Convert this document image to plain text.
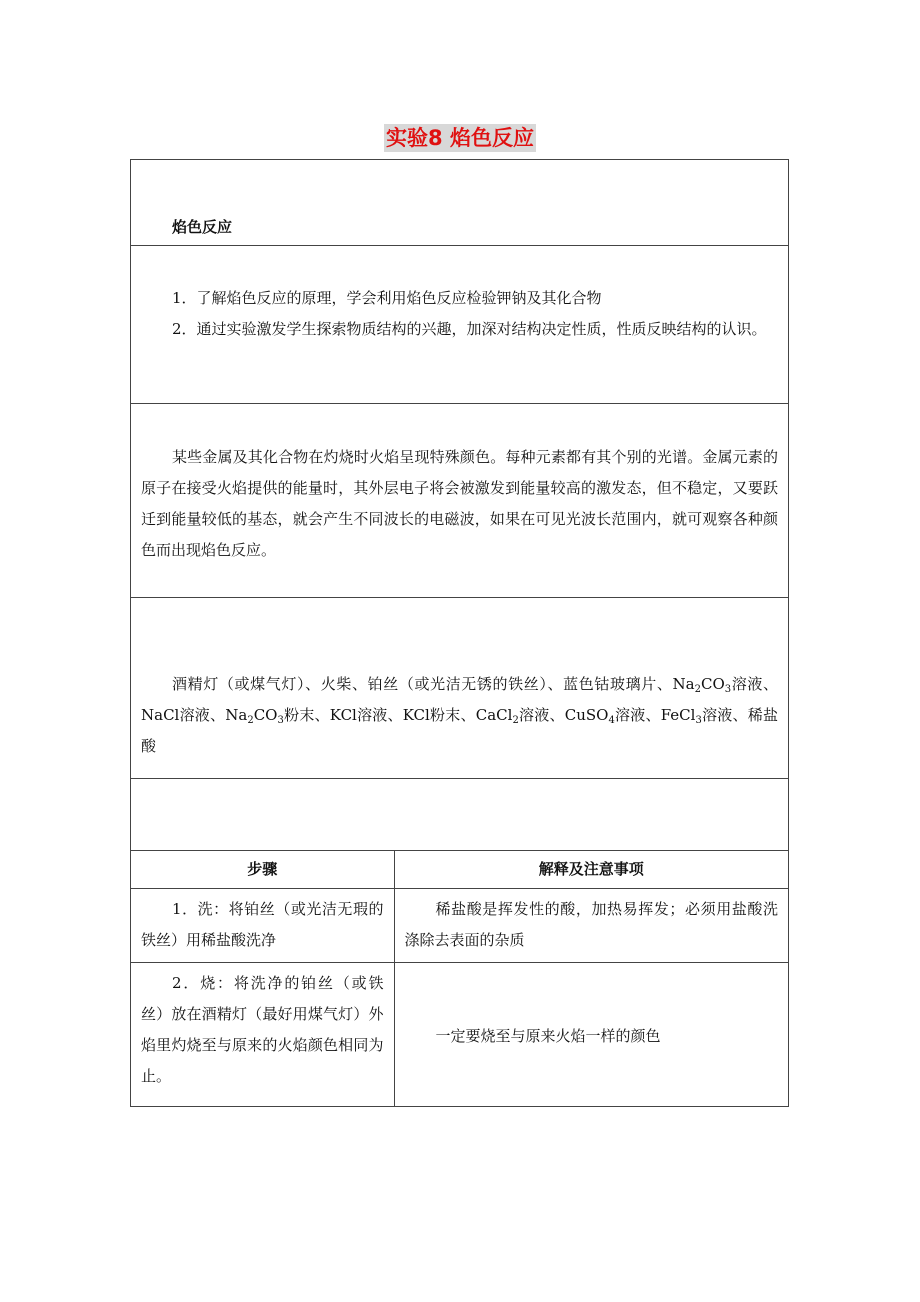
实验8 焰色反应

焰色反应

1．了解焰色反应的原理，学会利用焰色反应检验钾钠及其化合物

2．通过实验激发学生探索物质结构的兴趣，加深对结构决定性质，性质反映结构的认识。

某些金属及其化合物在灼烧时火焰呈现特殊颜色。每种元素都有其个别的光谱。金属元素的原子在接受火焰提供的能量时，其外层电子将会被激发到能量较高的激发态，但不稳定，又要跃迁到能量较低的基态，就会产生不同波长的电磁波，如果在可见光波长范围内，就可观察各种颜色而出现焰色反应。

酒精灯（或煤气灯）、火柴、铂丝（或光洁无锈的铁丝）、蓝色钴玻璃片、$Na_2CO_3$溶液、NaCl溶液、$Na_2CO_3$粉末、KCl溶液、KCl粉末、CaCl$_2$溶液、CuSO$_4$溶液、FeCl$_3$溶液、稀盐酸

步骤	解释及注意事项

1．洗：将铂丝（或光洁无瑕的铁丝）用稀盐酸洗净	稀盐酸是挥发性的酸，加热易挥发；必须用盐酸洗涤除去表面的杂质

2．烧：将洗净的铂丝（或铁丝）放在酒精灯（最好用煤气灯）外焰里灼烧至与原来的火焰颜色相同为止。	一定要烧至与原来火焰一样的颜色
